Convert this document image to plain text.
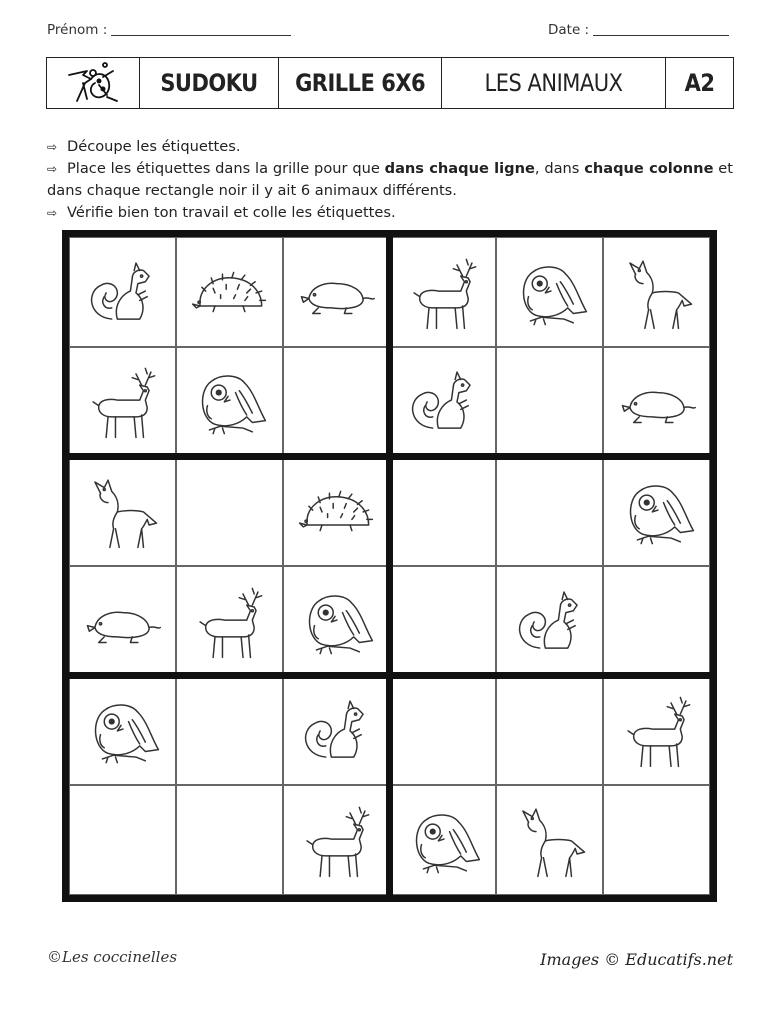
Prénom :	Date :
SUDOKU GRILLE 6X6	LES ANIMAUX	A2

⇨ Découpe les étiquettes.

⇨ Place les étiquettes dans la grille pour que dans chaque ligne, dans chaque colonne et dans chaque rectangle noir il y ait 6 animaux différents.

⇨ Vérifie bien ton travail et colle les étiquettes.

©Les coccinelles	Images © Educatifs.net
